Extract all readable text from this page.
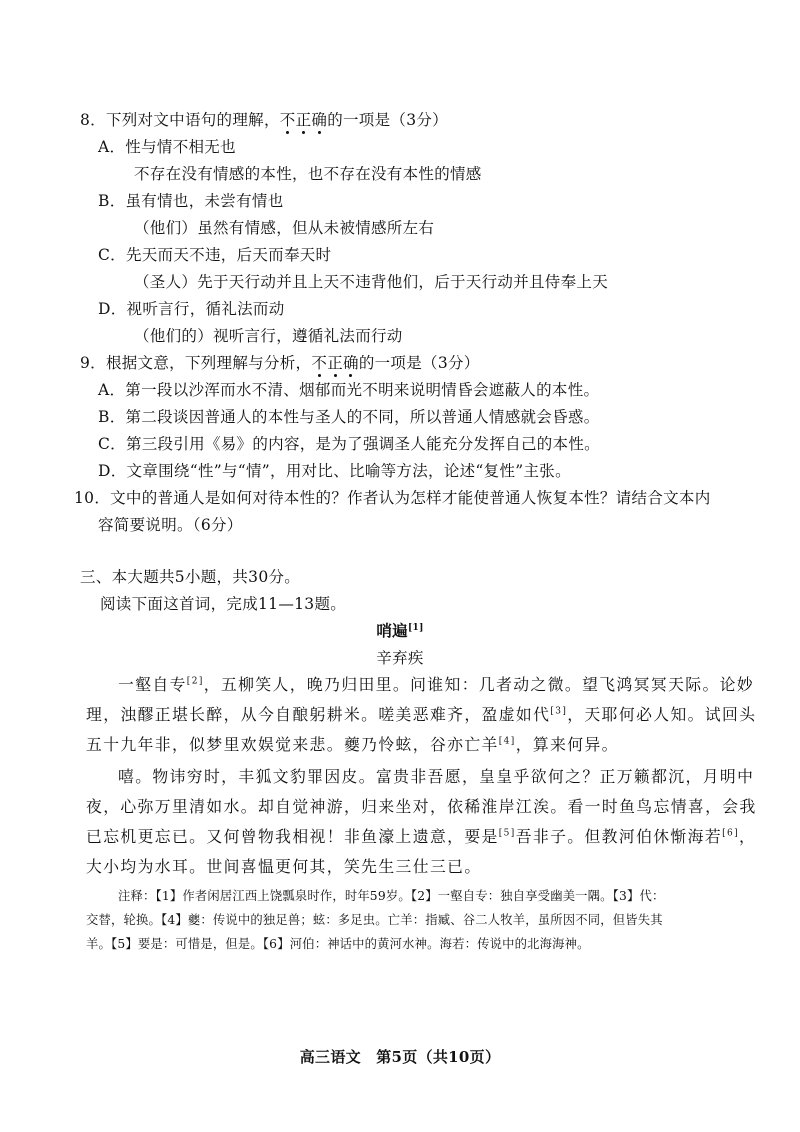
8．下列对文中语句的理解，不正确的一项是（3分）
A．性与情不相无也
不存在没有情感的本性，也不存在没有本性的情感
B．虽有情也，未尝有情也
（他们）虽然有情感，但从未被情感所左右
C．先天而天不违，后天而奉天时
（圣人）先于天行动并且上天不违背他们，后于天行动并且侍奉上天
D．视听言行，循礼法而动
（他们的）视听言行，遵循礼法而行动
9．根据文意，下列理解与分析，不正确的一项是（3分）
A．第一段以沙浑而水不清、烟郁而光不明来说明情昏会遮蔽人的本性。
B．第二段谈因普通人的本性与圣人的不同，所以普通人情感就会昏惑。
C．第三段引用《易》的内容，是为了强调圣人能充分发挥自己的本性。
D．文章围绕“性”与“情”，用对比、比喻等方法，论述“复性”主张。
10．文中的普通人是如何对待本性的？作者认为怎样才能使普通人恢复本性？请结合文本内
容简要说明。（6分）
三、本大题共5小题，共30分。
阅读下面这首词，完成11—13题。
哨遍[1]
辛弃疾
一壑自专[2]，五柳笑人，晚乃归田里。问谁知：几者动之微。望飞鸿冥冥天际。论妙
理，浊醪正堪长醉，从今自酿躬耕米。嗟美恶难齐，盈虚如代[3]，天耶何必人知。试回头
五十九年非，似梦里欢娱觉来悲。夔乃怜蚿，谷亦亡羊[4]，算来何异。
嘻。物讳穷时，丰狐文豹罪因皮。富贵非吾愿，皇皇乎欲何之？正万籁都沉，月明中
夜，心弥万里清如水。却自觉神游，归来坐对，依稀淮岸江涘。看一时鱼鸟忘情喜，会我
已忘机更忘已。又何曾物我相视！非鱼濠上遗意，要是[5]吾非子。但教河伯休惭海若[6]，
大小均为水耳。世间喜愠更何其，笑先生三仕三已。
注释：【1】作者闲居江西上饶瓢泉时作，时年59岁。【2】一壑自专：独自享受幽美一隅。【3】代：
交替，轮换。【4】夔：传说中的独足兽；蚿：多足虫。亡羊：指臧、谷二人牧羊，虽所因不同，但皆失其
羊。【5】要是：可惜是，但是。【6】河伯：神话中的黄河水神。海若：传说中的北海海神。
高三语文　第5页（共10页）
